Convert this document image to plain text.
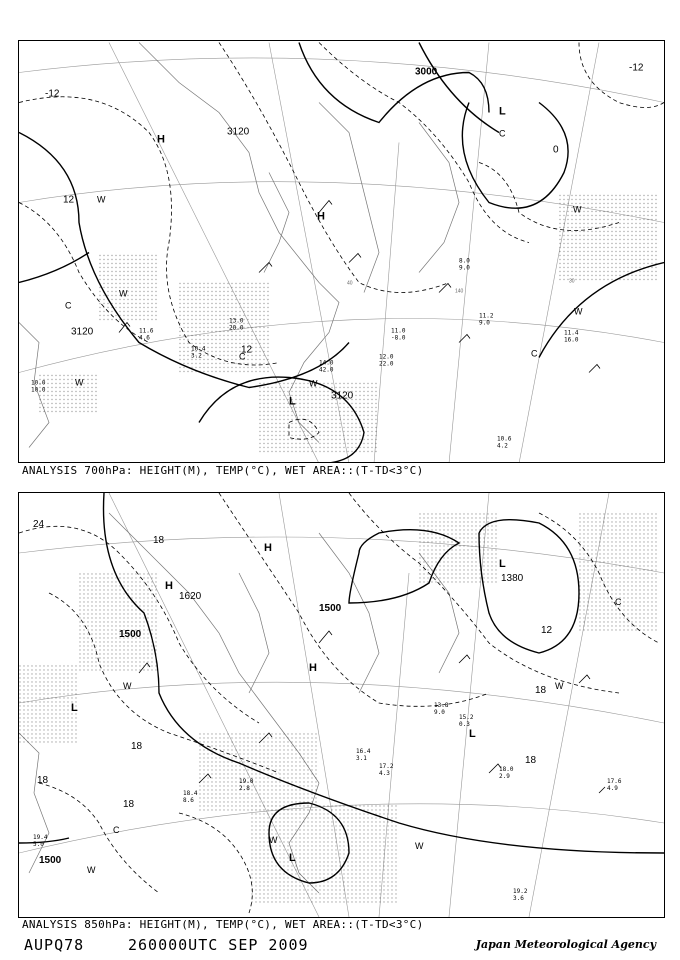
11.0 -8.0
12.0 22.0
14.0 42.0
13.0 20.0
11.2 9.0
11.4 16.0
10.6 4.2
10.0 10.0
11.6 4.6
10.4 3.2
8.0 9.0
3000
3120
3120
3120
-12
-12
12
12
0
H
H
L
L
W
W
W	W
W
W
C
C
C
C
40
140
30
ANALYSIS 700hPa: HEIGHT(M), TEMP(°C), WET AREA::(T-TD<3°C)
19.0 2.8
18.0 2.9
17.6 4.9
19.2 3.6
16.4 3.1
17.2 4.3
15.2 0.3
13.8 9.0
19.4 5.0
18.4 8.6
1500
1500
1620
1380
1500
24
18
18
18
18
12
18
18
H
H
H
L
L
L
L
W	W
W
W
W
C
C
ANALYSIS 850hPa: HEIGHT(M), TEMP(°C), WET AREA::(T-TD<3°C)
AUPQ78	260000UTC SEP 2009	Japan Meteorological Agency
